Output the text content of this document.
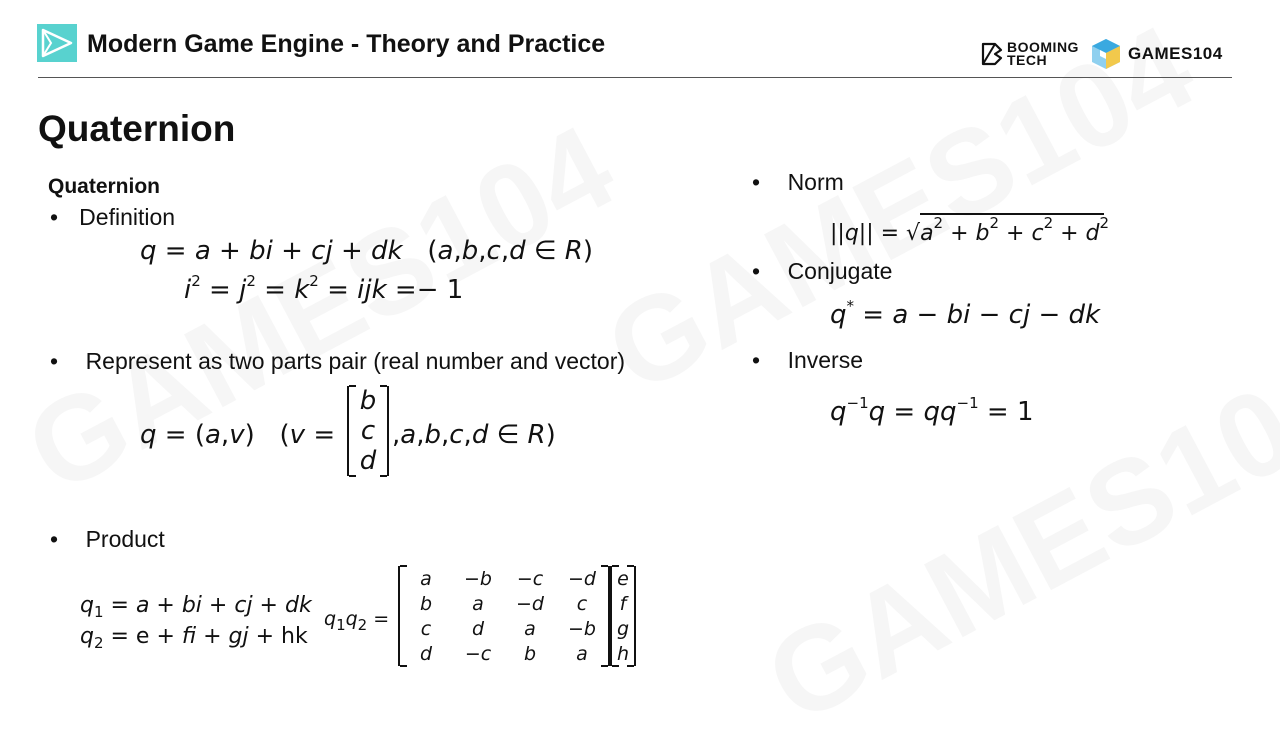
Modern Game Engine - Theory and Practice	BOOMING
TECH	GAMES104
Quaternion
Quaternion
• Definition
q = a + bi + cj + dk   (a,b,c,d ∈ R)
$i^2 = j^2 = k^2$ = ijk =− 1
• Represent as two parts pair (real number and vector)
q = (a,v)   (v =
b
c
d
,a,b,c,d ∈ R)
• Product
$q_1 = a$ + bi + cj + dk
$q_2 = e$ + fi + gj + hk
$q_1q_2$ =
a	−b	−c	−d
b	a	−d	c
c	d	a	−b
d	−c	b	a
e
f
g
h
• Norm
$||q|| = √a^2 + b^2 + c^2 + d^2$
• Conjugate
q* = a − bi − cj − dk
• Inverse
$q^{-1}q = qq^{-1} = 1$
